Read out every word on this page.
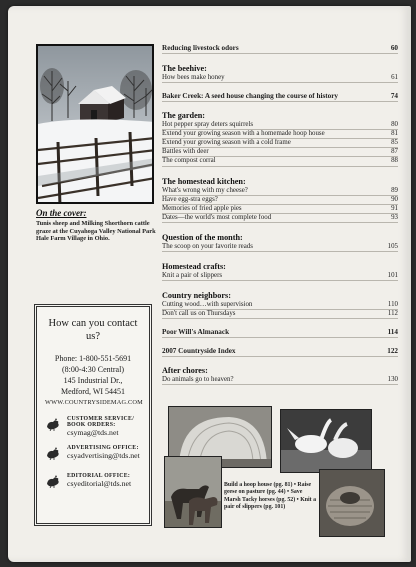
On the cover:
Tunis sheep and Milking Shorthorn cattle graze at the Cuyahoga Valley National Park Hale Farm Village in Ohio.
How can you contact us?
Phone: 1-800-551-5691
(8:00-4:30 Central)
145 Industrial Dr.,
Medford, WI 54451
WWW.COUNTRYSIDEMAG.COM
CUSTOMER SERVICE/
BOOK ORDERS:
csymag@tds.net
ADVERTISING OFFICE:
csyadvertising@tds.net
EDITORIAL OFFICE:
csyeditorial@tds.net
Reducing livestock odors	60
The beehive:
How bees make honey	61
Baker Creek: A seed house changing the course of history	74
The garden:
Hot pepper spray deters squirrels	80
Extend your growing season with a homemade hoop house	81
Extend your growing season with a cold frame	85
Battles with deer	87
The compost corral	88
The homestead kitchen:
What's wrong with my cheese?	89
Have egg-stra eggs?	90
Memories of fried apple pies	91
Dates—the world's most complete food	93
Question of the month:
The scoop on your favorite reads	105
Homestead crafts:
Knit a pair of slippers	101
Country neighbors:
Cutting wood…with supervision	110
Don't call us on Thursdays	112
Poor Will's Almanack	114
2007 Countryside Index	122
After chores:
Do animals go to heaven?	130
Build a hoop house (pg. 81) • Raise geese on pasture (pg. 44) • Save Marsh Tacky horses (pg. 52) • Knit a pair of slippers (pg. 101)
